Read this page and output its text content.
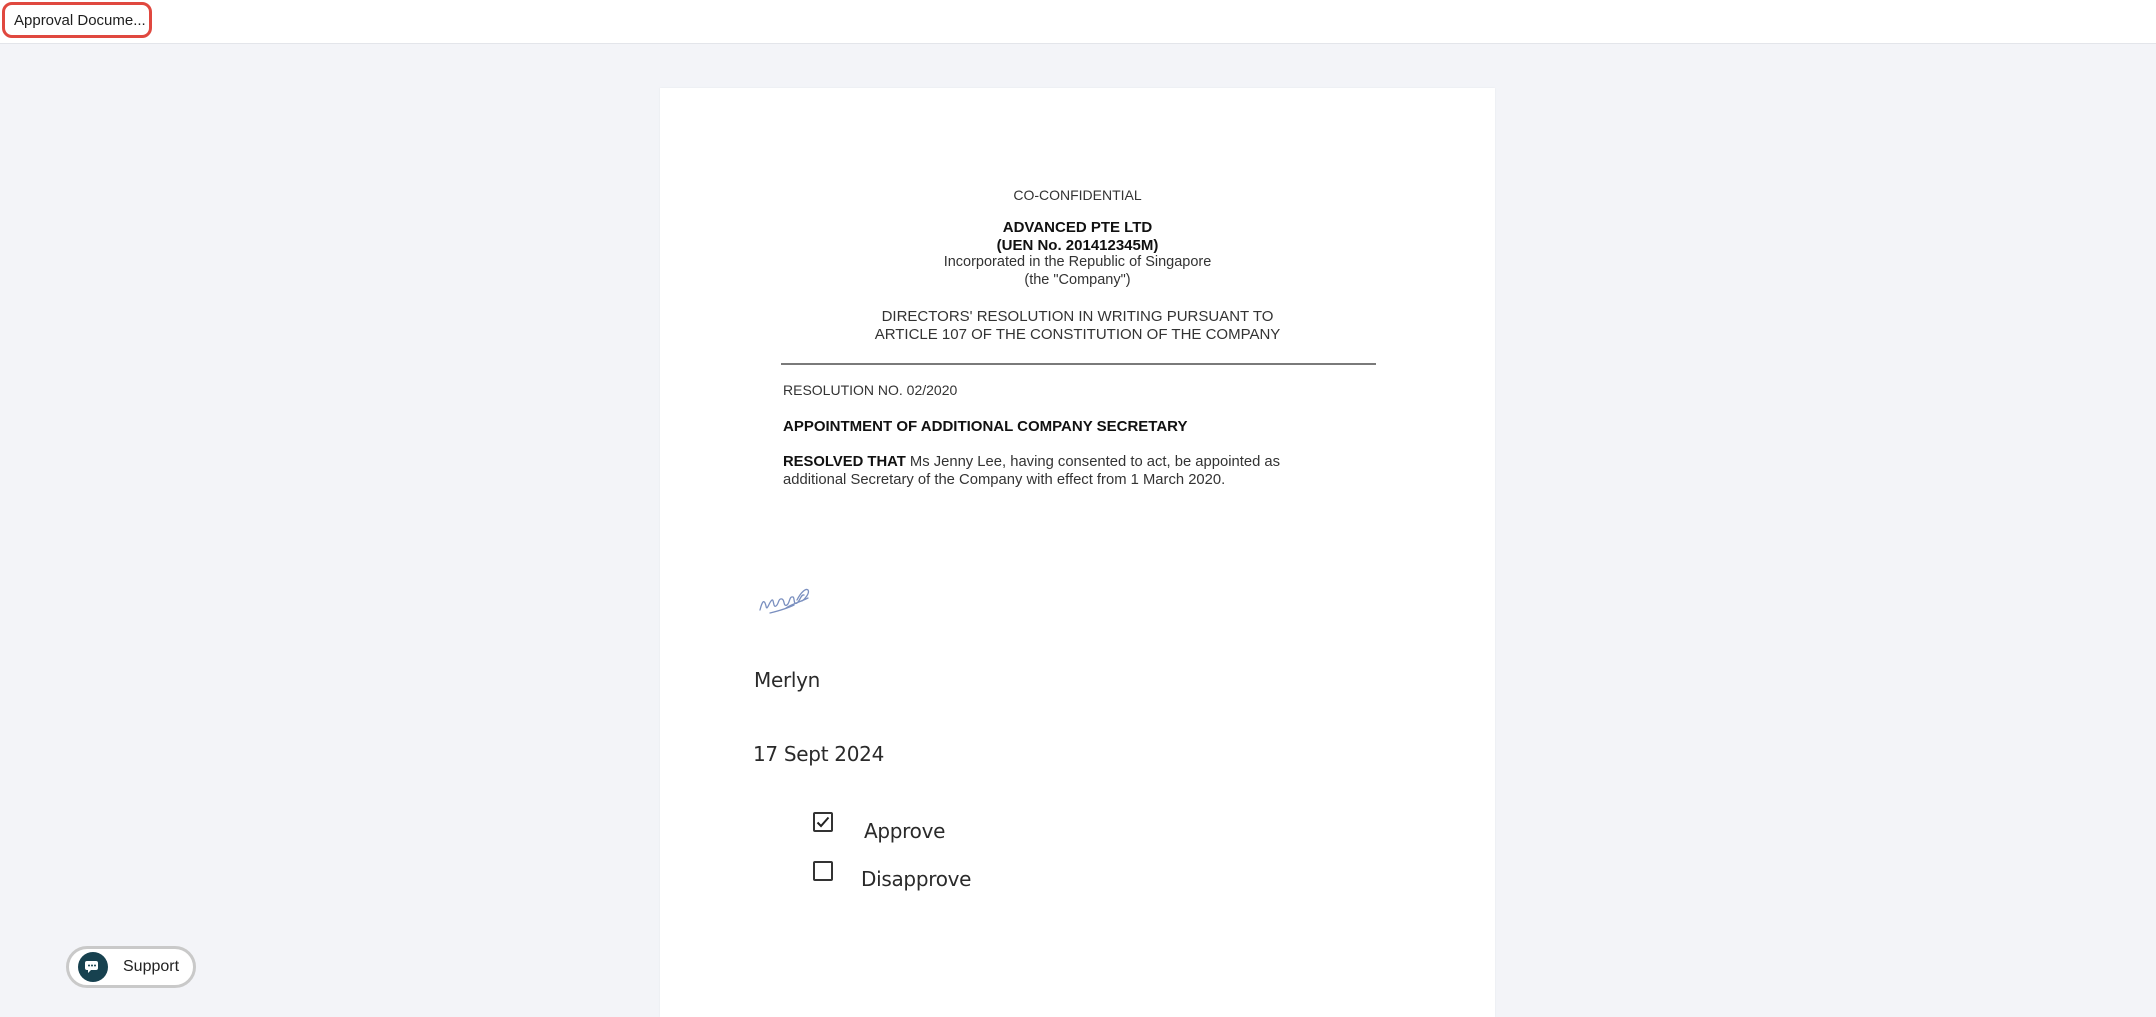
Approval Docume...
CO-CONFIDENTIAL
ADVANCED PTE LTD
(UEN No. 201412345M)
Incorporated in the Republic of Singapore
(the "Company")
DIRECTORS' RESOLUTION IN WRITING PURSUANT TO
ARTICLE 107 OF THE CONSTITUTION OF THE COMPANY
RESOLUTION NO. 02/2020
APPOINTMENT OF ADDITIONAL COMPANY SECRETARY
RESOLVED THAT Ms Jenny Lee, having consented to act, be appointed as
additional Secretary of the Company with effect from 1 March 2020.
Merlyn
17 Sept 2024
Approve
Disapprove
Support
